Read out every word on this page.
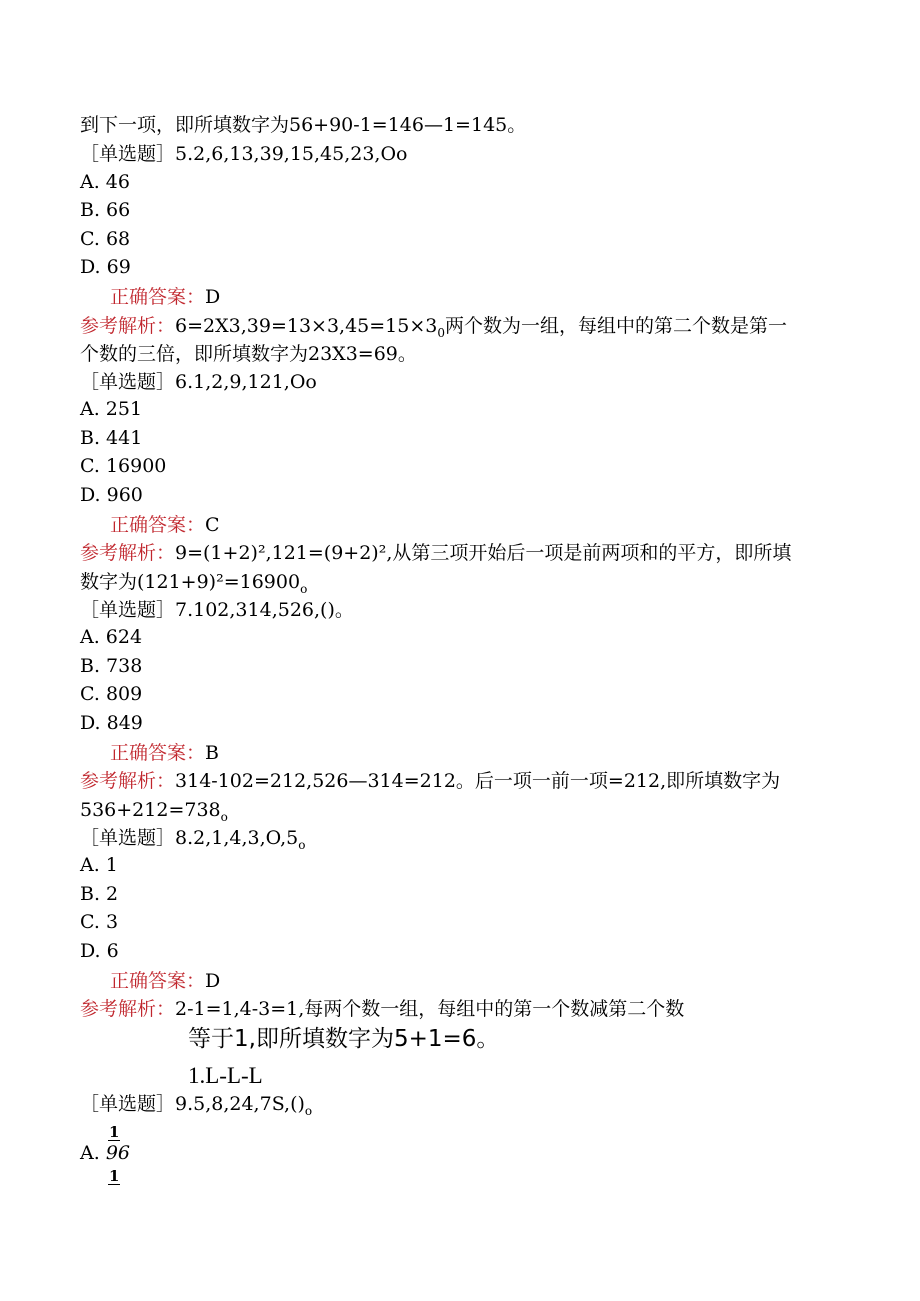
到下一项，即所填数字为56+90-1=146—1=145。
［单选题］5.2,6,13,39,15,45,23,Oo
A. 46
B. 66
C. 68
D. 69
正确答案：D
参考解析：$6=2X3,39=13\times 3,45=15\times 3_0$两个数为一组，每组中的第二个数是第一
个数的三倍，即所填数字为23X3=69。
［单选题］6.1,2,9,121,Oo
A. 251
B. 441
C. 16900
D. 960
正确答案：C
参考解析：9=(1+2)²,121=(9+2)²,从第三项开始后一项是前两项和的平方，即所填
数字为$(121+9)^2=16900_o$
［单选题］7.102,314,526,()。
A. 624
B. 738
C. 809
D. 849
正确答案：B
参考解析：314-102=212,526—314=212。后一项一前一项=212,即所填数字为
$536+212=738_o$
［单选题$]8.2,1,4,3,O,5_o$
A. 1
B. 2
C. 3
D. 6
正确答案：D
参考解析：2-1=1,4-3=1,每两个数一组，每组中的第一个数减第二个数
等于1,即所填数字为5+1=6。
1.L-L-L
［单选题$]9.5,8,24,7S,()_o$
1
A. 96
1
